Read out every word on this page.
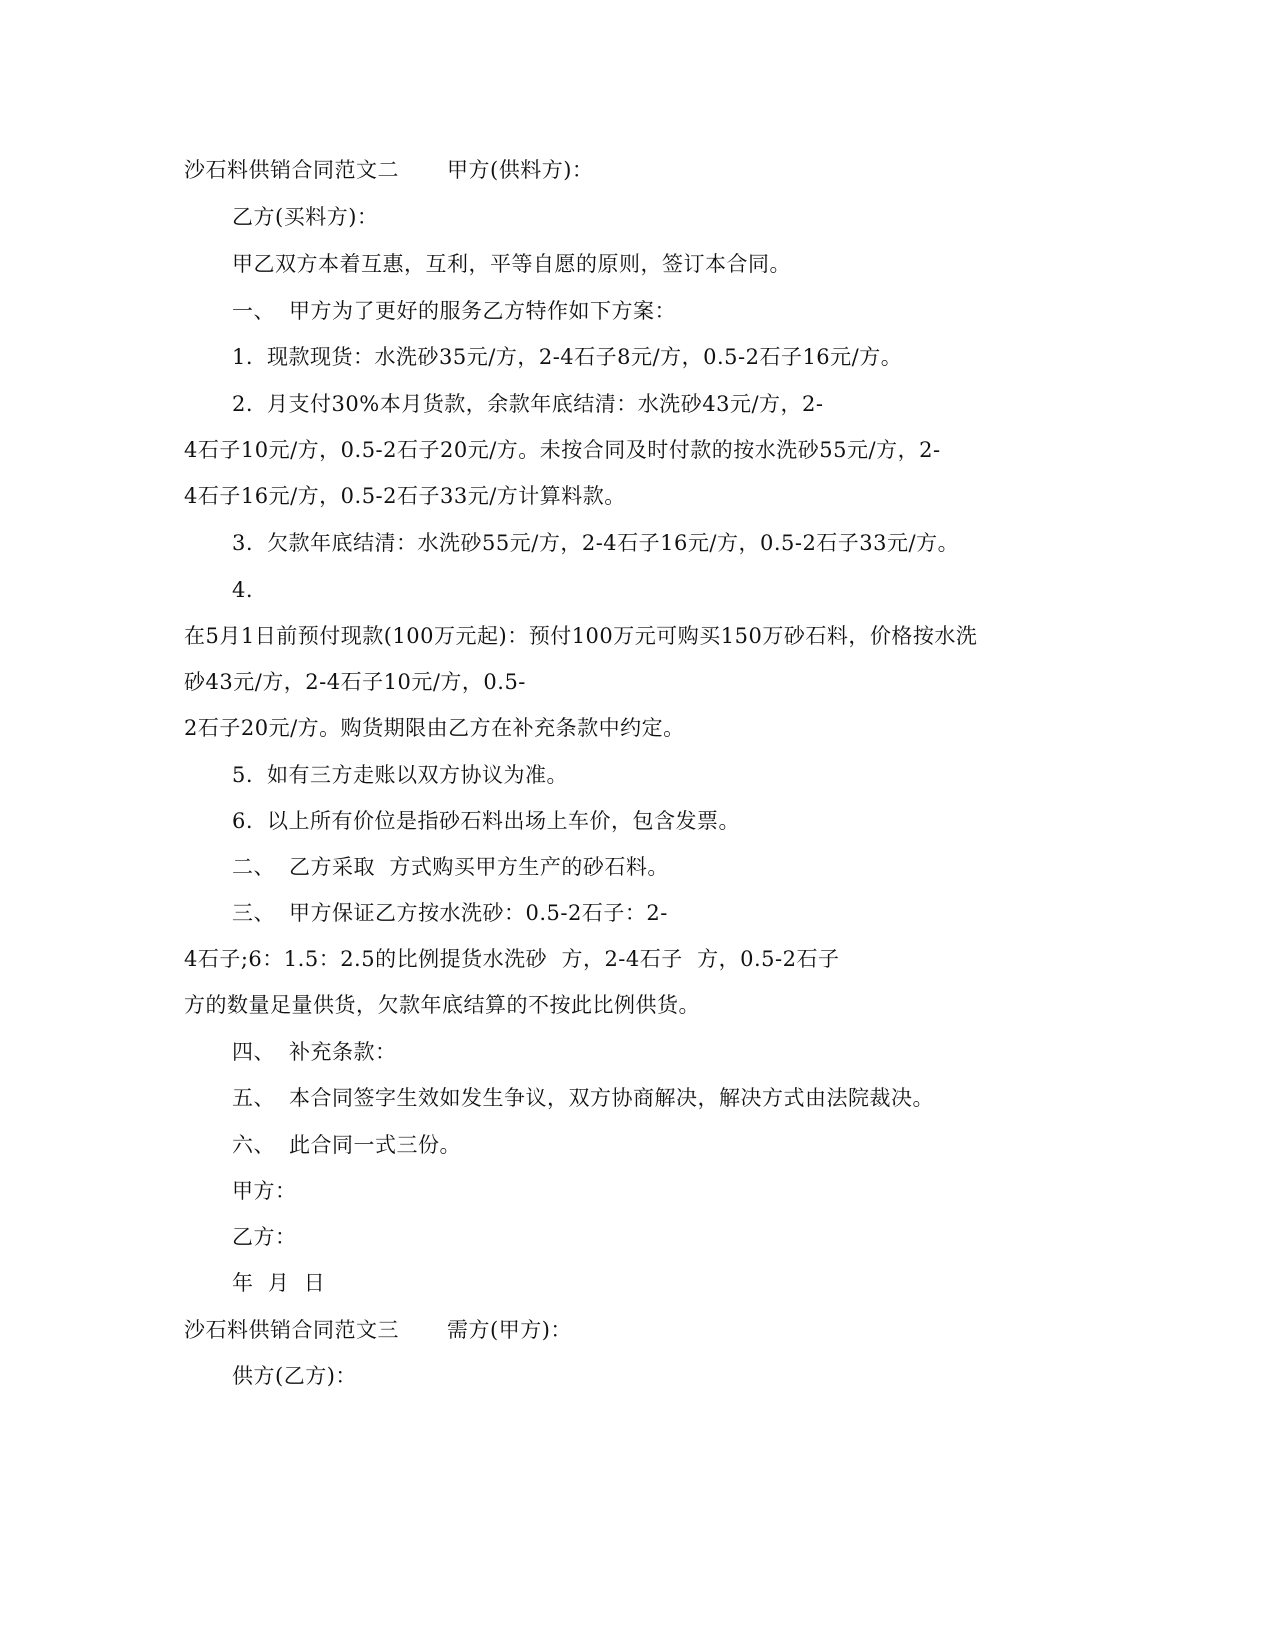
沙石料供销合同范文二 甲方(供料方)：
乙方(买料方)：
甲乙双方本着互惠，互利，平等自愿的原则，签订本合同。
一、 甲方为了更好的服务乙方特作如下方案：
1. 现款现货：水洗砂35元/方，2-4石子8元/方，0.5-2石子16元/方。
2. 月支付30%本月货款，余款年底结清：水洗砂43元/方，2-
4石子10元/方，0.5-2石子20元/方。未按合同及时付款的按水洗砂55元/方，2-
4石子16元/方，0.5-2石子33元/方计算料款。
3. 欠款年底结清：水洗砂55元/方，2-4石子16元/方，0.5-2石子33元/方。
4.
在5月1日前预付现款(100万元起)：预付100万元可购买150万砂石料，价格按水洗
砂43元/方，2-4石子10元/方，0.5-
2石子20元/方。购货期限由乙方在补充条款中约定。
5. 如有三方走账以双方协议为准。
6. 以上所有价位是指砂石料出场上车价，包含发票。
二、 乙方采取  方式购买甲方生产的砂石料。
三、 甲方保证乙方按水洗砂：0.5-2石子：2-
4石子;6：1.5：2.5的比例提货水洗砂  方，2-4石子  方，0.5-2石子
方的数量足量供货，欠款年底结算的不按此比例供货。
四、 补充条款：
五、 本合同签字生效如发生争议，双方协商解决，解决方式由法院裁决。
六、 此合同一式三份。
甲方：
乙方：
年  月  日
沙石料供销合同范文三 需方(甲方)：
供方(乙方)：
